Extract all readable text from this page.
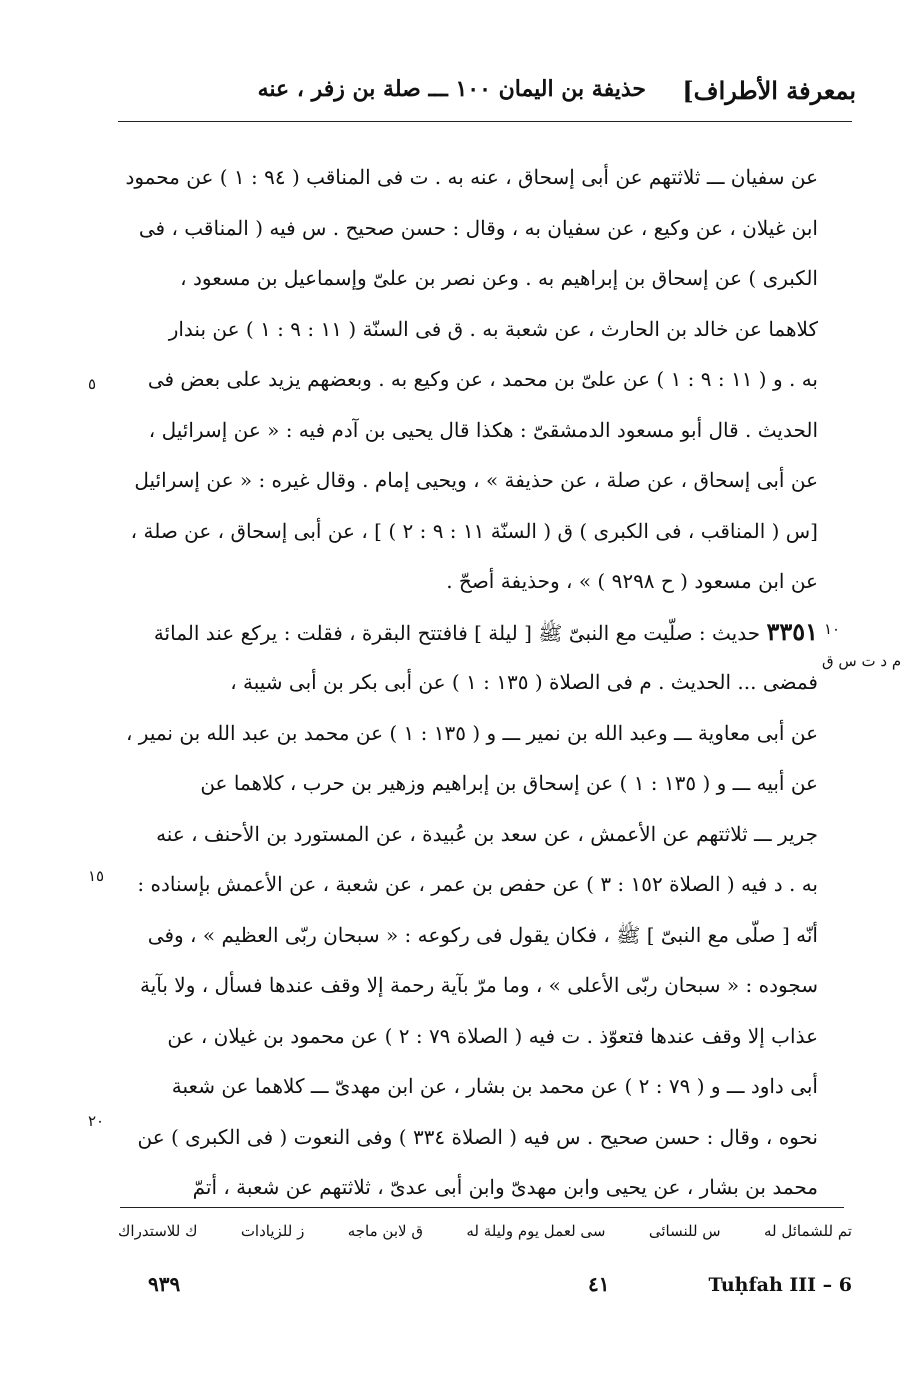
بمعرفة الأطراف]
حذيفة بن اليمان ١٠٠ ـــ صلة بن زفر ، عنه
عن سفيان ـــ ثلاثتهم عن أبى إسحاق ، عنه به . ت فى المناقب ( ٩٤ : ١ ) عن محمود
ابن غيلان ، عن وكيع ، عن سفيان به ، وقال : حسن صحيح . س فيه ( المناقب ، فى
الكبرى ) عن إسحاق بن إبراهيم به . وعن نصر بن علىّ وإسماعيل بن مسعود ،
كلاهما عن خالد بن الحارث ، عن شعبة به . ق فى السنّة ( ١١ : ٩ : ١ ) عن بندار
به . و ( ١١ : ٩ : ١ ) عن علىّ بن محمد ، عن وكيع به . وبعضهم يزيد على بعض فى
الحديث . قال أبو مسعود الدمشقىّ : هكذا قال يحيى بن آدم فيه : « عن إسرائيل ،
عن أبى إسحاق ، عن صلة ، عن حذيفة » ، ويحيى إمام . وقال غيره : « عن إسرائيل
[س ( المناقب ، فى الكبرى ) ق ( السنّة ١١ : ٩ : ٢ ) ] ، عن أبى إسحاق ، عن صلة ،
عن ابن مسعود ( ح ٩٢٩٨ ) » ، وحذيفة أصحّ .
٣٣٥١ حديث : صلّيت مع النبىّ ﷺ [ ليلة ] فافتتح البقرة ، فقلت : يركع عند المائة
فمضى ... الحديث . م فى الصلاة ( ١٣٥ : ١ ) عن أبى بكر بن أبى شيبة ،
عن أبى معاوية ـــ وعبد الله بن نمير ـــ و ( ١٣٥ : ١ ) عن محمد بن عبد الله بن نمير ،
عن أبيه ـــ و ( ١٣٥ : ١ ) عن إسحاق بن إبراهيم وزهير بن حرب ، كلاهما عن
جرير ـــ ثلاثتهم عن الأعمش ، عن سعد بن عُبيدة ، عن المستورد بن الأحنف ، عنه
به . د فيه ( الصلاة ١٥٢ : ٣ ) عن حفص بن عمر ، عن شعبة ، عن الأعمش بإسناده :
أنّه [ صلّى مع النبىّ ] ﷺ ، فكان يقول فى ركوعه : « سبحان ربّى العظيم » ، وفى
سجوده : « سبحان ربّى الأعلى » ، وما مرّ بآية رحمة إلا وقف عندها فسأل ، ولا بآية
عذاب إلا وقف عندها فتعوّذ . ت فيه ( الصلاة ٧٩ : ٢ ) عن محمود بن غيلان ، عن
أبى داود ـــ و ( ٧٩ : ٢ ) عن محمد بن بشار ، عن ابن مهدىّ ـــ كلاهما عن شعبة
نحوه ، وقال : حسن صحيح . س فيه ( الصلاة ٣٣٤ ) وفى النعوت ( فى الكبرى ) عن
محمد بن بشار ، عن يحيى وابن مهدىّ وابن أبى عدىّ ، ثلاثتهم عن شعبة ، أتمّ
٥
١٠
م د ت س ق
١٥
٢٠
تم للشمائل له
س للنسائى
سى لعمل يوم وليلة له
ق لابن ماجه
ز للزيادات
ك للاستدراك
٩٣٩	٤١	Tuḥfah III – 6
